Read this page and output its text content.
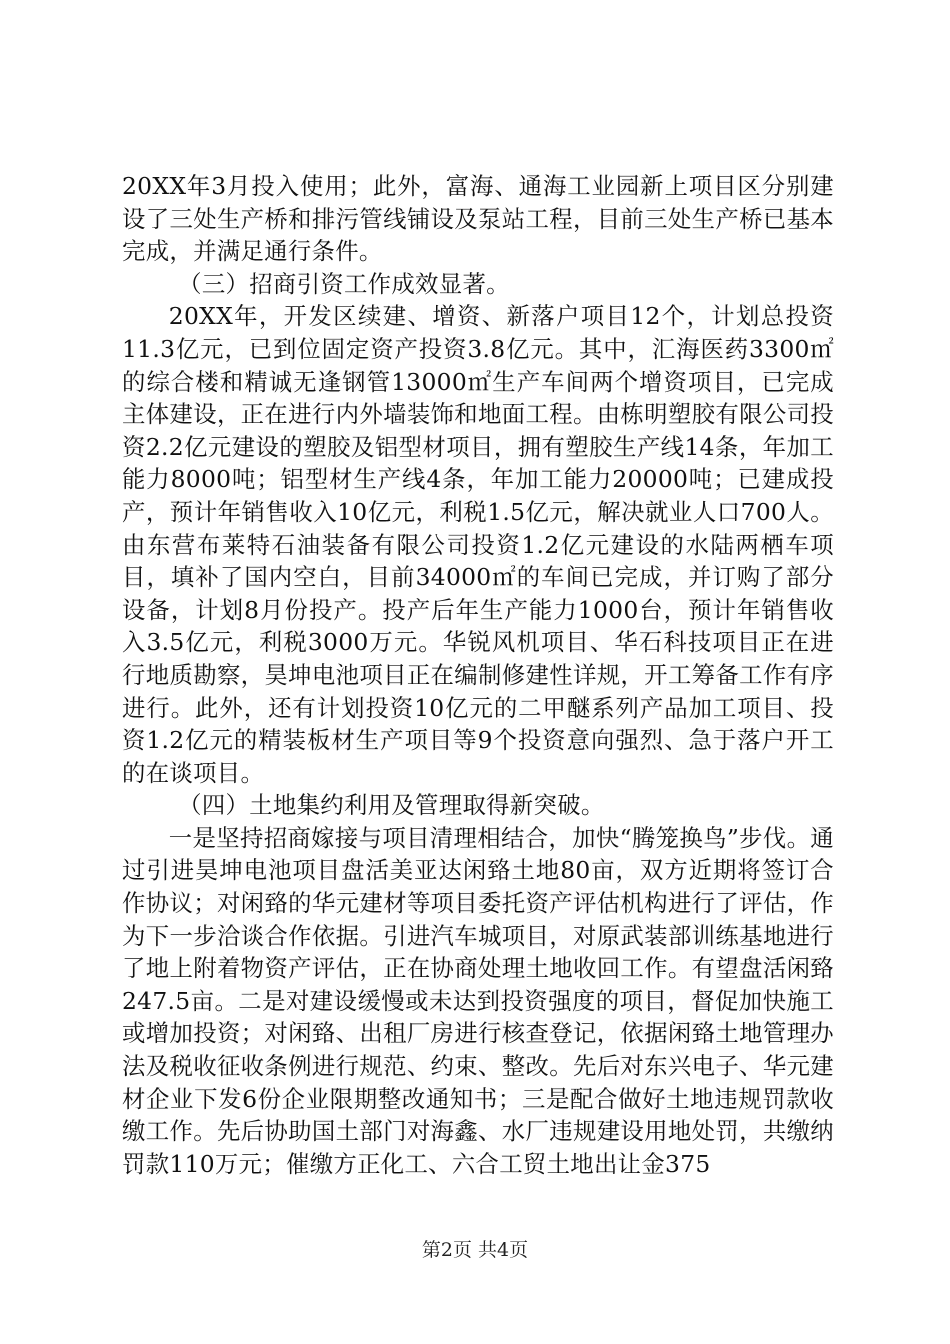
20XX年3月投入使用；此外，富海、通海工业园新上项目区分别建设了三处生产桥和排污管线铺设及泵站工程，目前三处生产桥已基本完成，并满足通行条件。

（三）招商引资工作成效显著。

20XX年，开发区续建、增资、新落户项目12个，计划总投资11.3亿元，已到位固定资产投资3.8亿元。其中，汇海医药3300㎡的综合楼和精诚无逢钢管13000㎡生产车间两个增资项目，已完成主体建设，正在进行内外墙装饰和地面工程。由栋明塑胶有限公司投资2.2亿元建设的塑胶及铝型材项目，拥有塑胶生产线14条，年加工能力8000吨；铝型材生产线4条，年加工能力20000吨；已建成投产，预计年销售收入10亿元，利税1.5亿元，解决就业人口700人。由东营布莱特石油装备有限公司投资1.2亿元建设的水陆两栖车项目，填补了国内空白，目前34000㎡的车间已完成，并订购了部分设备，计划8月份投产。投产后年生产能力1000台，预计年销售收入3.5亿元，利税3000万元。华锐风机项目、华石科技项目正在进行地质勘察，昊坤电池项目正在编制修建性详规，开工筹备工作有序进行。此外，还有计划投资10亿元的二甲醚系列产品加工项目、投资1.2亿元的精装板材生产项目等9个投资意向强烈、急于落户开工的在谈项目。

（四）土地集约利用及管理取得新突破。

一是坚持招商嫁接与项目清理相结合，加快“腾笼换鸟”步伐。通过引进昊坤电池项目盘活美亚达闲臵土地80亩，双方近期将签订合作协议；对闲臵的华元建材等项目委托资产评估机构进行了评估，作为下一步洽谈合作依据。引进汽车城项目，对原武装部训练基地进行了地上附着物资产评估，正在协商处理土地收回工作。有望盘活闲臵247.5亩。二是对建设缓慢或未达到投资强度的项目，督促加快施工或增加投资；对闲臵、出租厂房进行核查登记，依据闲臵土地管理办法及税收征收条例进行规范、约束、整改。先后对东兴电子、华元建材企业下发6份企业限期整改通知书；三是配合做好土地违规罚款收缴工作。先后协助国土部门对海鑫、水厂违规建设用地处罚，共缴纳罚款110万元；催缴方正化工、六合工贸土地出让金375

第2页 共4页
